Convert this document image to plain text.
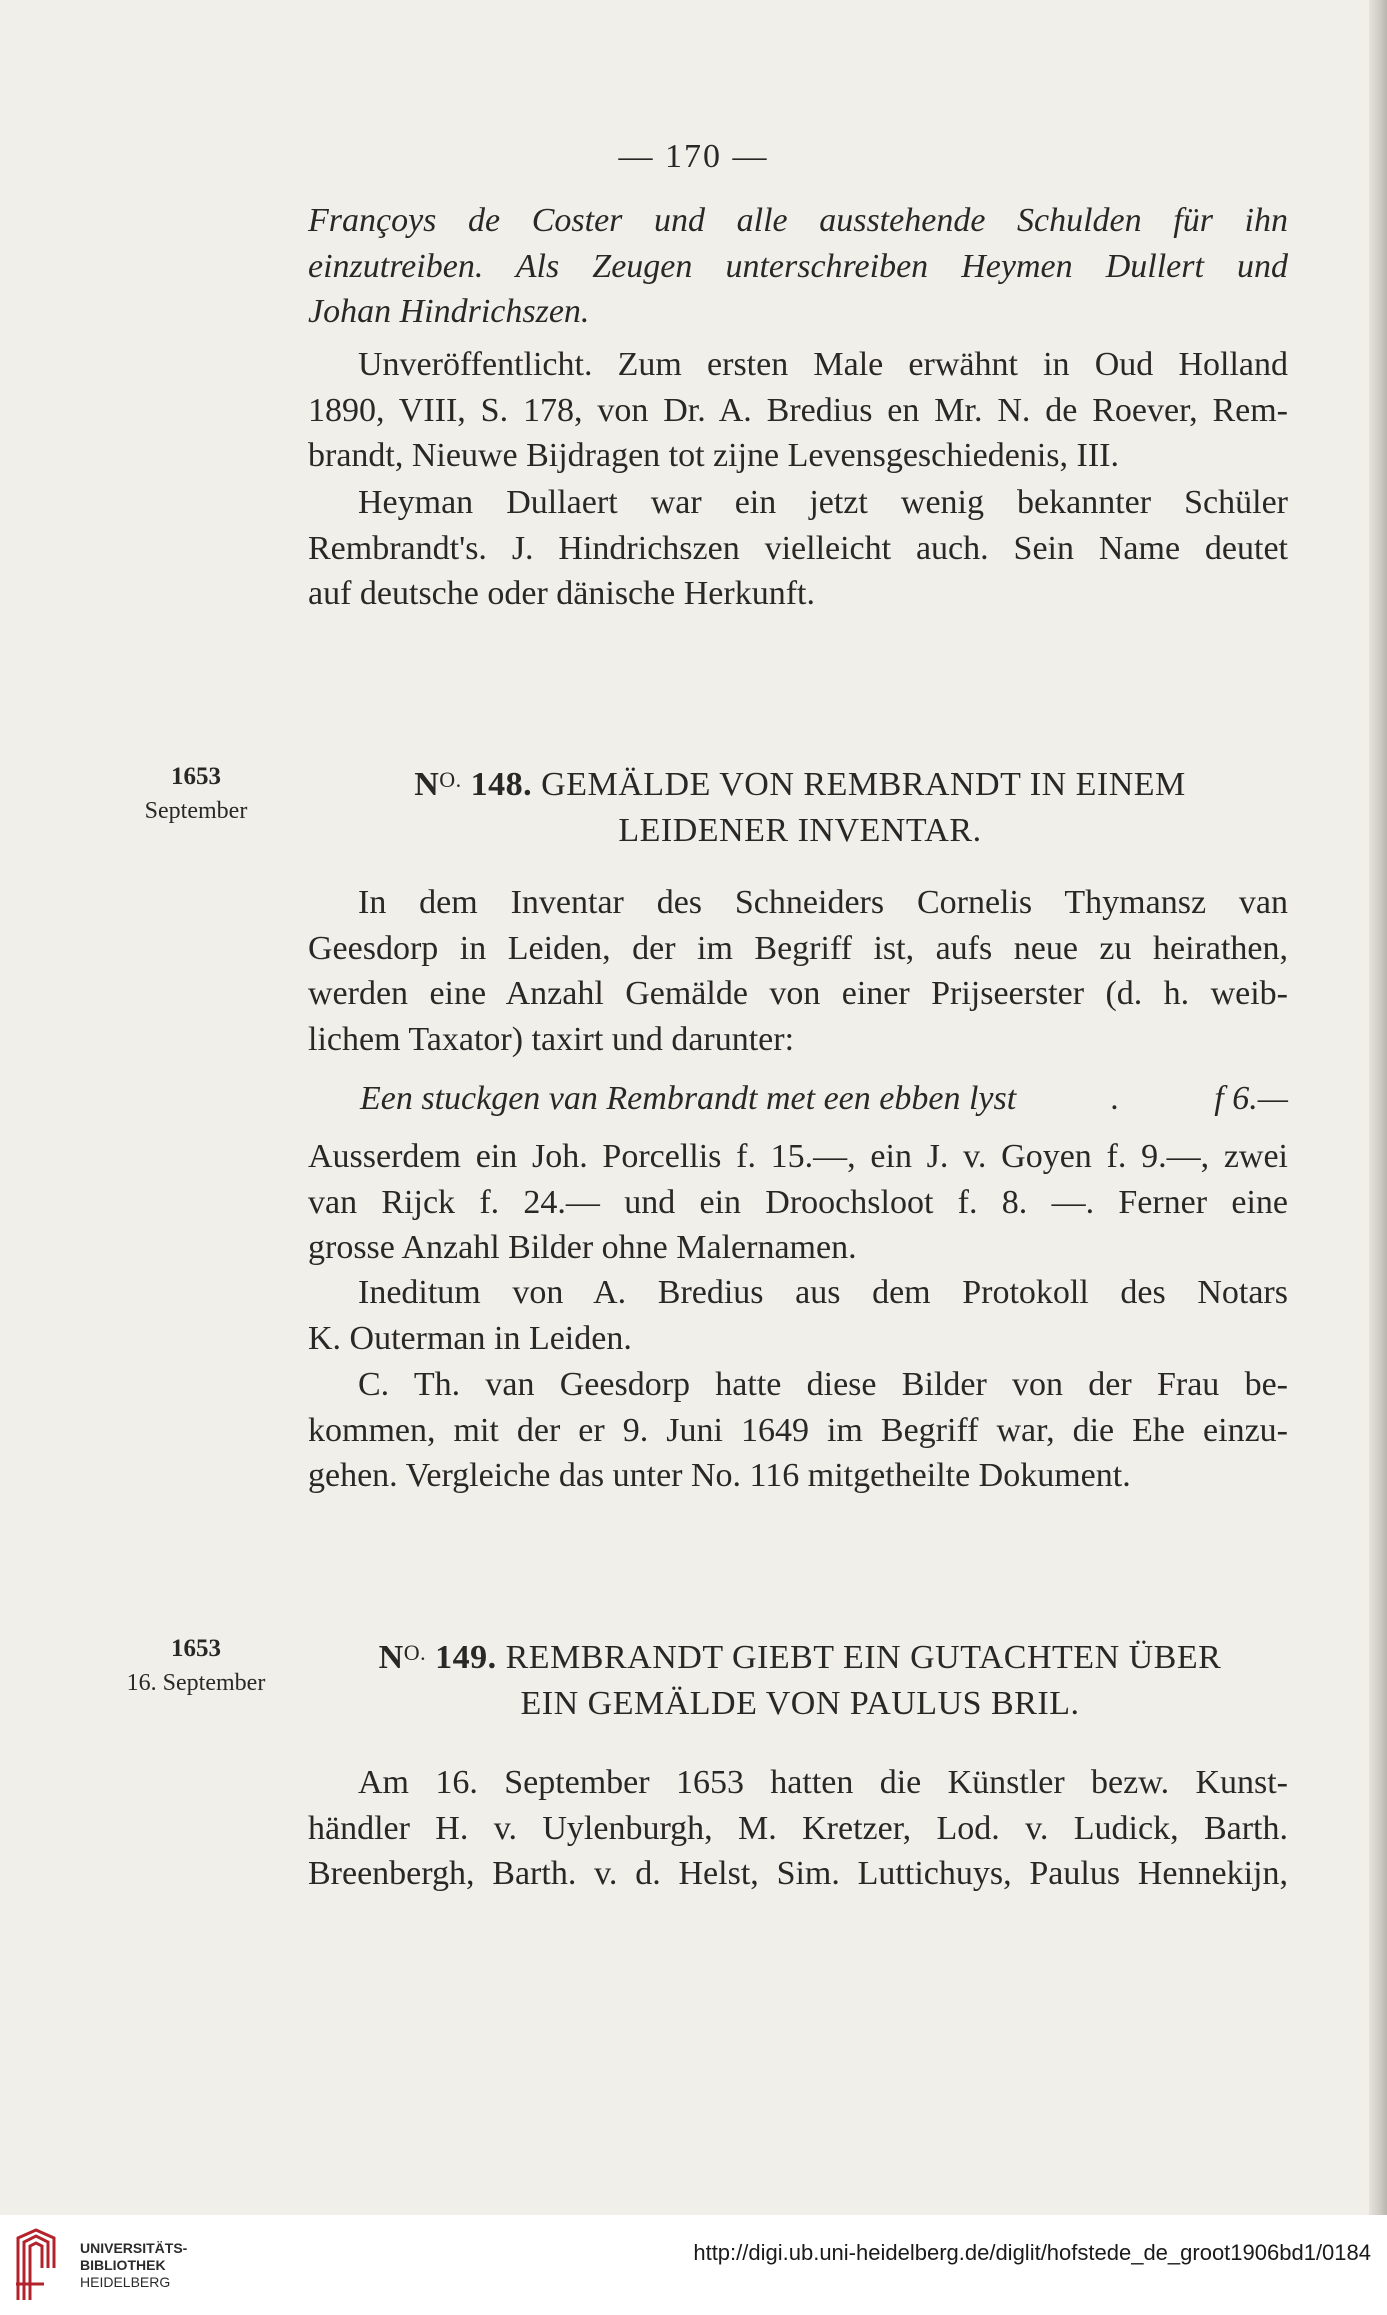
— 170 —

Françoys de Coster und alle ausstehende Schulden für ihn

einzutreiben. Als Zeugen unterschreiben Heymen Dullert und

Johan Hindrichszen.

Unveröffentlicht. Zum ersten Male erwähnt in Oud Holland

1890, VIII, S. 178, von Dr. A. Bredius en Mr. N. de Roever, Rem-

brandt, Nieuwe Bijdragen tot zijne Levensgeschiedenis, III.

Heyman Dullaert war ein jetzt wenig bekannter Schüler

Rembrandt's. J. Hindrichszen vielleicht auch. Sein Name deutet

auf deutsche oder dänische Herkunft.

1653
September
$N^{O.}$ 148. GEMÄLDE VON REMBRANDT IN EINEM
LEIDENER INVENTAR.

In dem Inventar des Schneiders Cornelis Thymansz van

Geesdorp in Leiden, der im Begriff ist, aufs neue zu heirathen,

werden eine Anzahl Gemälde von einer Prijseerster (d. h. weib-

lichem Taxator) taxirt und darunter:

Een stuckgen van Rembrandt met een ebben lyst	.	f 6.—

Ausserdem ein Joh. Porcellis f. 15.—, ein J. v. Goyen f. 9.—, zwei

van Rijck f. 24.— und ein Droochsloot f. 8. —. Ferner eine

grosse Anzahl Bilder ohne Malernamen.

Ineditum von A. Bredius aus dem Protokoll des Notars

K. Outerman in Leiden.

C. Th. van Geesdorp hatte diese Bilder von der Frau be-

kommen, mit der er 9. Juni 1649 im Begriff war, die Ehe einzu-

gehen. Vergleiche das unter No. 116 mitgetheilte Dokument.

1653
16. September
$N^{O.}$ 149. REMBRANDT GIEBT EIN GUTACHTEN ÜBER
EIN GEMÄLDE VON PAULUS BRIL.

Am 16. September 1653 hatten die Künstler bezw. Kunst-

händler H. v. Uylenburgh, M. Kretzer, Lod. v. Ludick, Barth.

Breenbergh, Barth. v. d. Helst, Sim. Luttichuys, Paulus Hennekijn,

UNIVERSITÄTS-
BIBLIOTHEK
HEIDELBERG
http://digi.ub.uni-heidelberg.de/diglit/hofstede_de_groot1906bd1/0184
